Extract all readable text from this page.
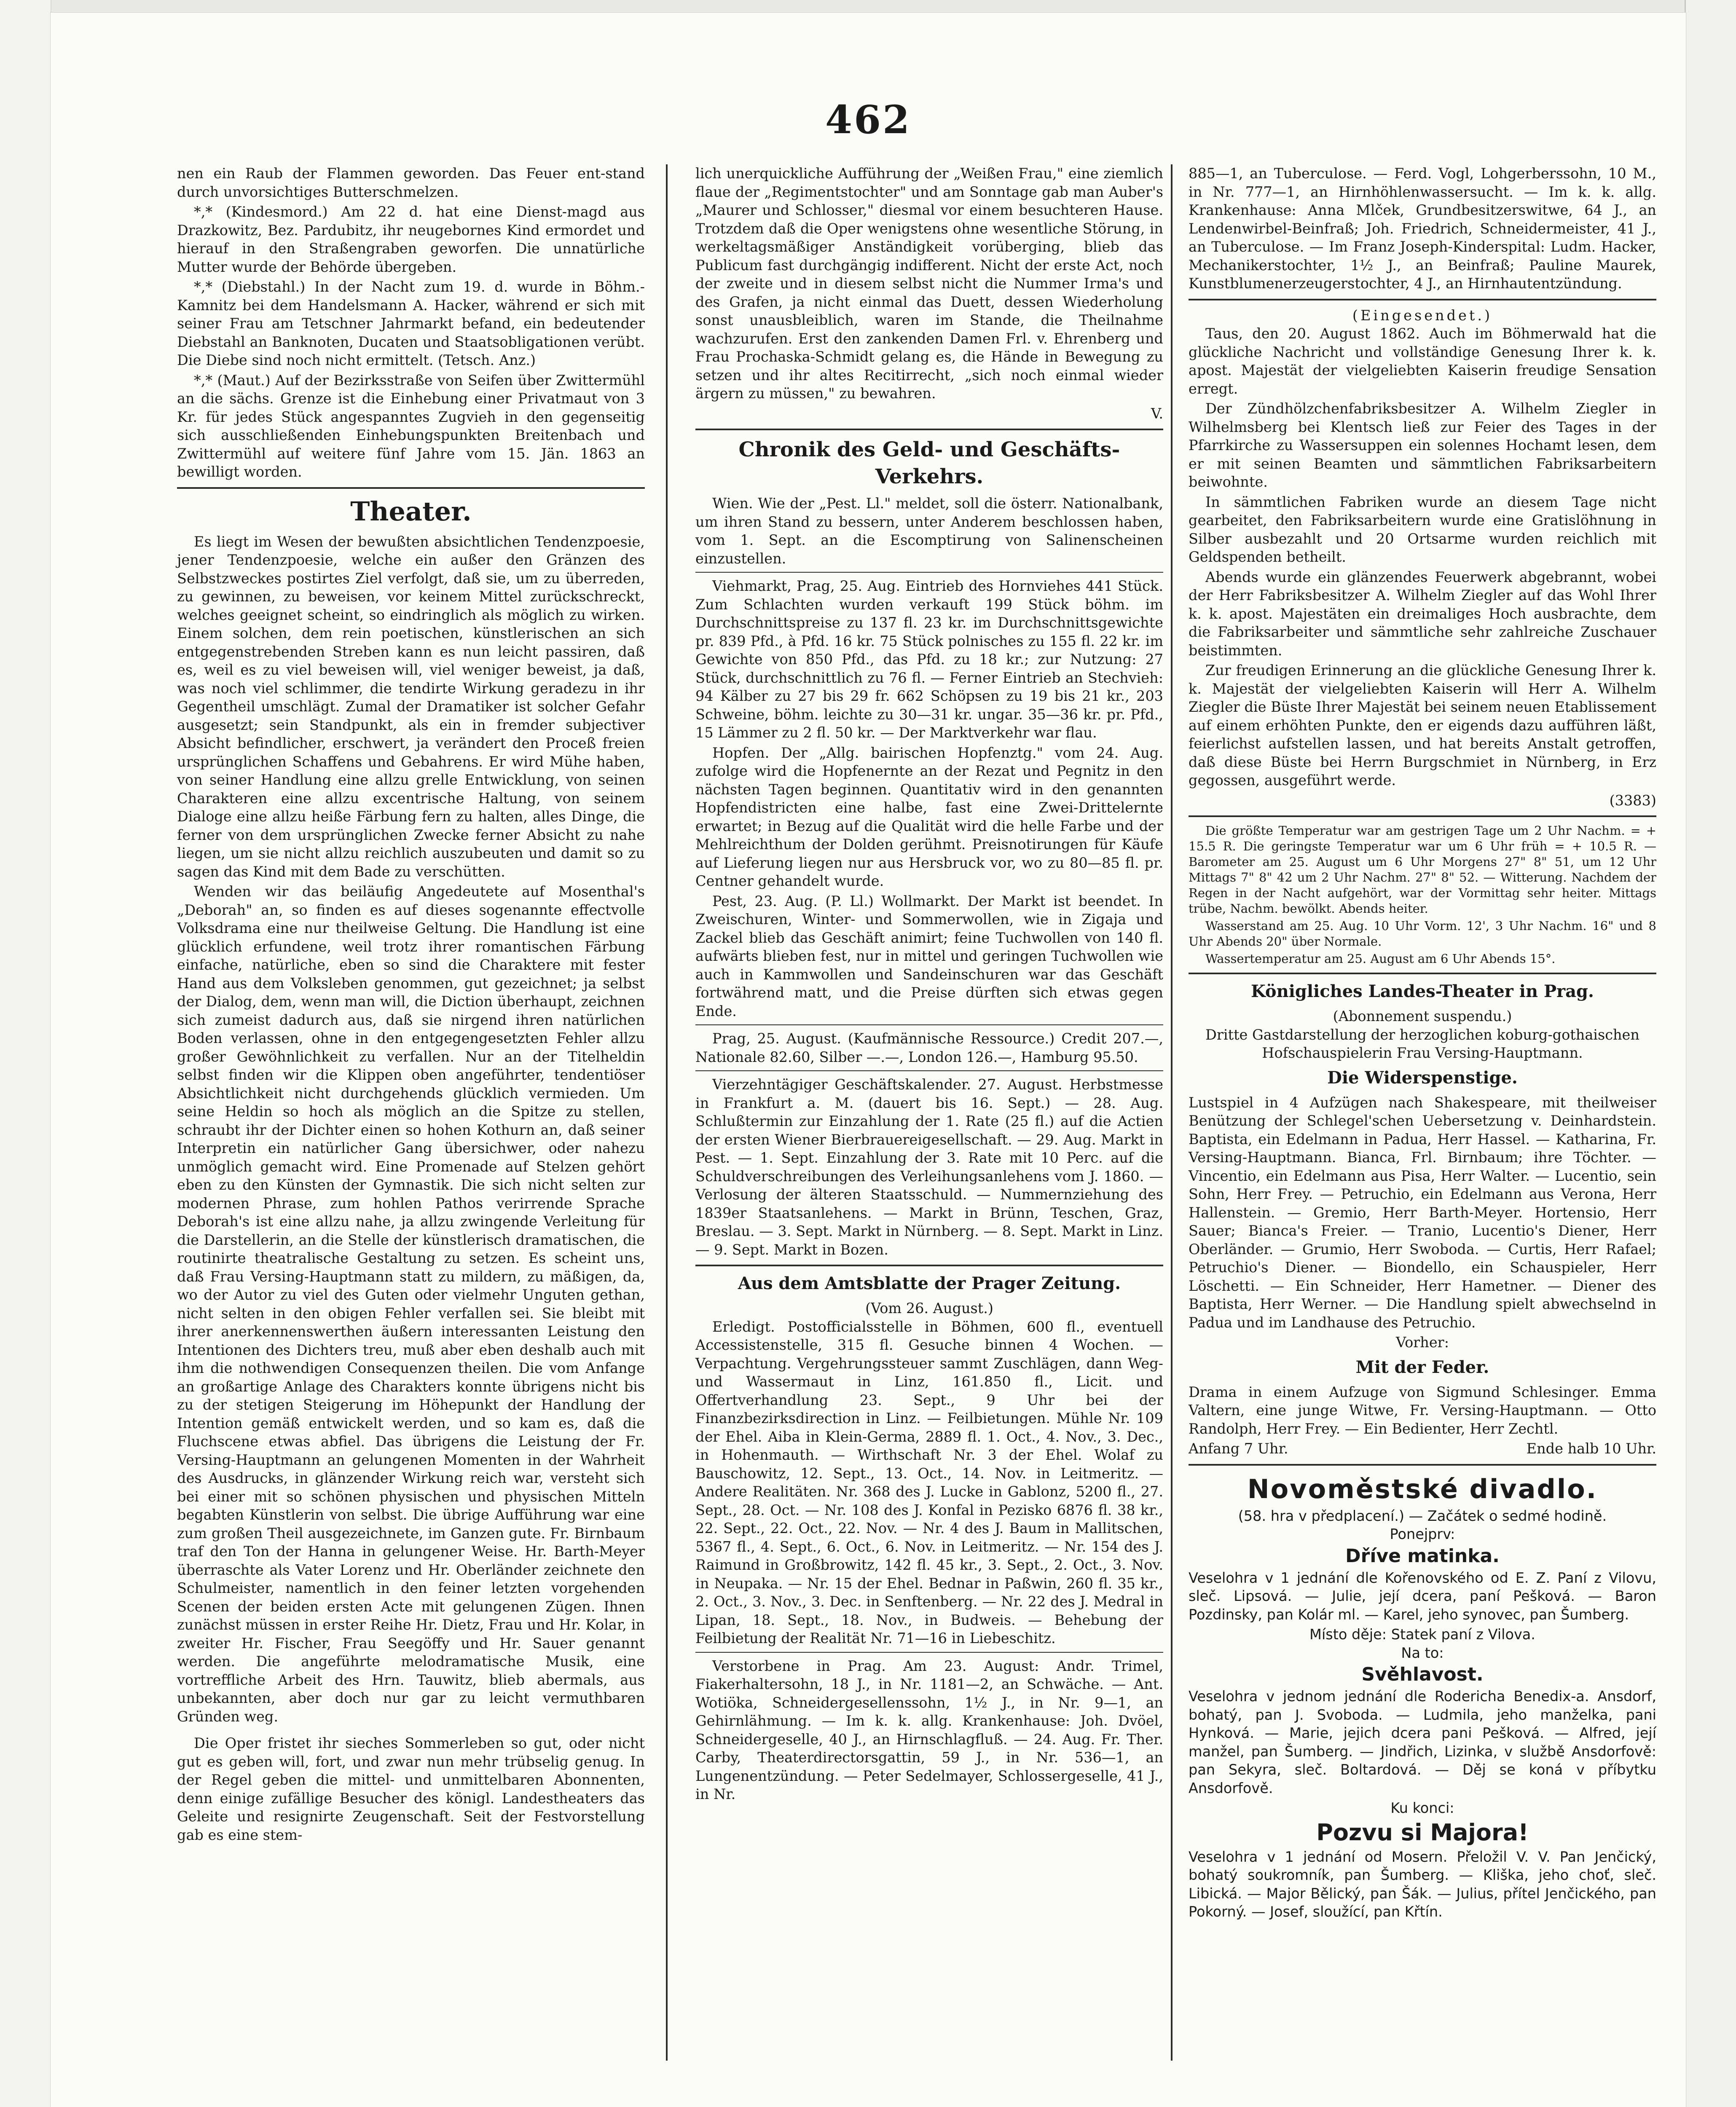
462

nen ein Raub der Flammen geworden. Das Feuer ent-stand durch unvorsichtiges Butterschmelzen.

*,* (Kindesmord.) Am 22 d. hat eine Dienst-magd aus Drazkowitz, Bez. Pardubitz, ihr neugebornes Kind ermordet und hierauf in den Straßengraben geworfen. Die unnatürliche Mutter wurde der Behörde übergeben.

*,* (Diebstahl.) In der Nacht zum 19. d. wurde in Böhm.-Kamnitz bei dem Handelsmann A. Hacker, während er sich mit seiner Frau am Tetschner Jahrmarkt befand, ein bedeutender Diebstahl an Banknoten, Ducaten und Staatsobligationen verübt. Die Diebe sind noch nicht ermittelt. (Tetsch. Anz.)

*,* (Maut.) Auf der Bezirksstraße von Seifen über Zwittermühl an die sächs. Grenze ist die Einhebung einer Privatmaut von 3 Kr. für jedes Stück angespanntes Zugvieh in den gegenseitig sich ausschließenden Einhebungspunkten Breitenbach und Zwittermühl auf weitere fünf Jahre vom 15. Jän. 1863 an bewilligt worden.

Theater.

Es liegt im Wesen der bewußten absichtlichen Tendenzpoesie, jener Tendenzpoesie, welche ein außer den Gränzen des Selbstzweckes postirtes Ziel verfolgt, daß sie, um zu überreden, zu gewinnen, zu beweisen, vor keinem Mittel zurückschreckt, welches geeignet scheint, so eindringlich als möglich zu wirken. Einem solchen, dem rein poetischen, künstlerischen an sich entgegenstrebenden Streben kann es nun leicht passiren, daß es, weil es zu viel beweisen will, viel weniger beweist, ja daß, was noch viel schlimmer, die tendirte Wirkung geradezu in ihr Gegentheil umschlägt. Zumal der Dramatiker ist solcher Gefahr ausgesetzt; sein Standpunkt, als ein in fremder subjectiver Absicht befindlicher, erschwert, ja verändert den Proceß freien ursprünglichen Schaffens und Gebahrens. Er wird Mühe haben, von seiner Handlung eine allzu grelle Entwicklung, von seinen Charakteren eine allzu excentrische Haltung, von seinem Dialoge eine allzu heiße Färbung fern zu halten, alles Dinge, die ferner von dem ursprünglichen Zwecke ferner Absicht zu nahe liegen, um sie nicht allzu reichlich auszubeuten und damit so zu sagen das Kind mit dem Bade zu verschütten.

Wenden wir das beiläufig Angedeutete auf Mosenthal's „Deborah" an, so finden es auf dieses sogenannte effectvolle Volksdrama eine nur theilweise Geltung. Die Handlung ist eine glücklich erfundene, weil trotz ihrer romantischen Färbung einfache, natürliche, eben so sind die Charaktere mit fester Hand aus dem Volksleben genommen, gut gezeichnet; ja selbst der Dialog, dem, wenn man will, die Diction überhaupt, zeichnen sich zumeist dadurch aus, daß sie nirgend ihren natürlichen Boden verlassen, ohne in den entgegengesetzten Fehler allzu großer Gewöhnlichkeit zu verfallen. Nur an der Titelheldin selbst finden wir die Klippen oben angeführter, tendentiöser Absichtlichkeit nicht durchgehends glücklich vermieden. Um seine Heldin so hoch als möglich an die Spitze zu stellen, schraubt ihr der Dichter einen so hohen Kothurn an, daß seiner Interpretin ein natürlicher Gang übersichwer, oder nahezu unmöglich gemacht wird. Eine Promenade auf Stelzen gehört eben zu den Künsten der Gymnastik. Die sich nicht selten zur modernen Phrase, zum hohlen Pathos verirrende Sprache Deborah's ist eine allzu nahe, ja allzu zwingende Verleitung für die Darstellerin, an die Stelle der künstlerisch dramatischen, die routinirte theatralische Gestaltung zu setzen. Es scheint uns, daß Frau Versing-Hauptmann statt zu mildern, zu mäßigen, da, wo der Autor zu viel des Guten oder vielmehr Unguten gethan, nicht selten in den obigen Fehler verfallen sei. Sie bleibt mit ihrer anerkennenswerthen äußern interessanten Leistung den Intentionen des Dichters treu, muß aber eben deshalb auch mit ihm die nothwendigen Consequenzen theilen. Die vom Anfange an großartige Anlage des Charakters konnte übrigens nicht bis zu der stetigen Steigerung im Höhepunkt der Handlung der Intention gemäß entwickelt werden, und so kam es, daß die Fluchscene etwas abfiel. Das übrigens die Leistung der Fr. Versing-Hauptmann an gelungenen Momenten in der Wahrheit des Ausdrucks, in glänzender Wirkung reich war, versteht sich bei einer mit so schönen physischen und physischen Mitteln begabten Künstlerin von selbst. Die übrige Aufführung war eine zum großen Theil ausgezeichnete, im Ganzen gute. Fr. Birnbaum traf den Ton der Hanna in gelungener Weise. Hr. Barth-Meyer überraschte als Vater Lorenz und Hr. Oberländer zeichnete den Schulmeister, namentlich in den feiner letzten vorgehenden Scenen der beiden ersten Acte mit gelungenen Zügen. Ihnen zunächst müssen in erster Reihe Hr. Dietz, Frau und Hr. Kolar, in zweiter Hr. Fischer, Frau Seegöffy und Hr. Sauer genannt werden. Die angeführte melodramatische Musik, eine vortreffliche Arbeit des Hrn. Tauwitz, blieb abermals, aus unbekannten, aber doch nur gar zu leicht vermuthbaren Gründen weg.

Die Oper fristet ihr sieches Sommerleben so gut, oder nicht gut es geben will, fort, und zwar nun mehr trübselig genug. In der Regel geben die mittel- und unmittelbaren Abonnenten, denn einige zufällige Besucher des königl. Landestheaters das Geleite und resignirte Zeugenschaft. Seit der Festvorstellung gab es eine stem-

lich unerquickliche Aufführung der „Weißen Frau," eine ziemlich flaue der „Regimentstochter" und am Sonntage gab man Auber's „Maurer und Schlosser," diesmal vor einem besuchteren Hause. Trotzdem daß die Oper wenigstens ohne wesentliche Störung, in werkeltagsmäßiger Anständigkeit vorüberging, blieb das Publicum fast durchgängig indifferent. Nicht der erste Act, noch der zweite und in diesem selbst nicht die Nummer Irma's und des Grafen, ja nicht einmal das Duett, dessen Wiederholung sonst unausbleiblich, waren im Stande, die Theilnahme wachzurufen. Erst den zankenden Damen Frl. v. Ehrenberg und Frau Prochaska-Schmidt gelang es, die Hände in Bewegung zu setzen und ihr altes Recitirrecht, „sich noch einmal wieder ärgern zu müssen," zu bewahren.

V.
Chronik des Geld- und Geschäfts-Verkehrs.

Wien. Wie der „Pest. Ll." meldet, soll die österr. Nationalbank, um ihren Stand zu bessern, unter Anderem beschlossen haben, vom 1. Sept. an die Escomptirung von Salinenscheinen einzustellen.

Viehmarkt, Prag, 25. Aug. Eintrieb des Hornviehes 441 Stück. Zum Schlachten wurden verkauft 199 Stück böhm. im Durchschnittspreise zu 137 fl. 23 kr. im Durchschnittsgewichte pr. 839 Pfd., à Pfd. 16 kr. 75 Stück polnisches zu 155 fl. 22 kr. im Gewichte von 850 Pfd., das Pfd. zu 18 kr.; zur Nutzung: 27 Stück, durchschnittlich zu 76 fl. — Ferner Eintrieb an Stechvieh: 94 Kälber zu 27 bis 29 fr. 662 Schöpsen zu 19 bis 21 kr., 203 Schweine, böhm. leichte zu 30—31 kr. ungar. 35—36 kr. pr. Pfd., 15 Lämmer zu 2 fl. 50 kr. — Der Marktverkehr war flau.

Hopfen. Der „Allg. bairischen Hopfenztg." vom 24. Aug. zufolge wird die Hopfenernte an der Rezat und Pegnitz in den nächsten Tagen beginnen. Quantitativ wird in den genannten Hopfendistricten eine halbe, fast eine Zwei-Drittelernte erwartet; in Bezug auf die Qualität wird die helle Farbe und der Mehlreichthum der Dolden gerühmt. Preisnotirungen für Käufe auf Lieferung liegen nur aus Hersbruck vor, wo zu 80—85 fl. pr. Centner gehandelt wurde.

Pest, 23. Aug. (P. Ll.) Wollmarkt. Der Markt ist beendet. In Zweischuren, Winter- und Sommerwollen, wie in Zigaja und Zackel blieb das Geschäft animirt; feine Tuchwollen von 140 fl. aufwärts blieben fest, nur in mittel und geringen Tuchwollen wie auch in Kammwollen und Sandeinschuren war das Geschäft fortwährend matt, und die Preise dürften sich etwas gegen Ende.

Prag, 25. August. (Kaufmännische Ressource.) Credit 207.—, Nationale 82.60, Silber —.—, London 126.—, Hamburg 95.50.

Vierzehntägiger Geschäftskalender. 27. August. Herbstmesse in Frankfurt a. M. (dauert bis 16. Sept.) — 28. Aug. Schlußtermin zur Einzahlung der 1. Rate (25 fl.) auf die Actien der ersten Wiener Bierbrauereigesellschaft. — 29. Aug. Markt in Pest. — 1. Sept. Einzahlung der 3. Rate mit 10 Perc. auf die Schuldverschreibungen des Verleihungsanlehens vom J. 1860. — Verlosung der älteren Staatsschuld. — Nummernziehung des 1839er Staatsanlehens. — Markt in Brünn, Teschen, Graz, Breslau. — 3. Sept. Markt in Nürnberg. — 8. Sept. Markt in Linz. — 9. Sept. Markt in Bozen.

Aus dem Amtsblatte der Prager Zeitung.
(Vom 26. August.)

Erledigt. Postofficialsstelle in Böhmen, 600 fl., eventuell Accessistenstelle, 315 fl. Gesuche binnen 4 Wochen. — Verpachtung. Vergehrungssteuer sammt Zuschlägen, dann Weg- und Wassermaut in Linz, 161.850 fl., Licit. und Offertverhandlung 23. Sept., 9 Uhr bei der Finanzbezirksdirection in Linz. — Feilbietungen. Mühle Nr. 109 der Ehel. Aiba in Klein-Germa, 2889 fl. 1. Oct., 4. Nov., 3. Dec., in Hohenmauth. — Wirthschaft Nr. 3 der Ehel. Wolaf zu Bauschowitz, 12. Sept., 13. Oct., 14. Nov. in Leitmeritz. — Andere Realitäten. Nr. 368 des J. Lucke in Gablonz, 5200 fl., 27. Sept., 28. Oct. — Nr. 108 des J. Konfal in Pezisko 6876 fl. 38 kr., 22. Sept., 22. Oct., 22. Nov. — Nr. 4 des J. Baum in Mallitschen, 5367 fl., 4. Sept., 6. Oct., 6. Nov. in Leitmeritz. — Nr. 154 des J. Raimund in Großbrowitz, 142 fl. 45 kr., 3. Sept., 2. Oct., 3. Nov. in Neupaka. — Nr. 15 der Ehel. Bednar in Paßwin, 260 fl. 35 kr., 2. Oct., 3. Nov., 3. Dec. in Senftenberg. — Nr. 22 des J. Medral in Lipan, 18. Sept., 18. Nov., in Budweis. — Behebung der Feilbietung der Realität Nr. 71—16 in Liebeschitz.

Verstorbene in Prag. Am 23. August: Andr. Trimel, Fiakerhaltersohn, 18 J., in Nr. 1181—2, an Schwäche. — Ant. Wotiöka, Schneidergesellenssohn, 1½ J., in Nr. 9—1, an Gehirnlähmung. — Im k. k. allg. Krankenhause: Joh. Dvöel, Schneidergeselle, 40 J., an Hirnschlagfluß. — 24. Aug. Fr. Ther. Carby, Theaterdirectorsgattin, 59 J., in Nr. 536—1, an Lungenentzündung. — Peter Sedelmayer, Schlossergeselle, 41 J., in Nr.

885—1, an Tuberculose. — Ferd. Vogl, Lohgerberssohn, 10 M., in Nr. 777—1, an Hirnhöhlenwassersucht. — Im k. k. allg. Krankenhause: Anna Mlček, Grundbesitzerswitwe, 64 J., an Lendenwirbel-Beinfraß; Joh. Friedrich, Schneidermeister, 41 J., an Tuberculose. — Im Franz Joseph-Kinderspital: Ludm. Hacker, Mechanikerstochter, 1½ J., an Beinfraß; Pauline Maurek, Kunstblumenerzeugerstochter, 4 J., an Hirnhautentzündung.

(Eingesendet.)

Taus, den 20. August 1862. Auch im Böhmerwald hat die glückliche Nachricht und vollständige Genesung Ihrer k. k. apost. Majestät der vielgeliebten Kaiserin freudige Sensation erregt.

Der Zündhölzchenfabriksbesitzer A. Wilhelm Ziegler in Wilhelmsberg bei Klentsch ließ zur Feier des Tages in der Pfarrkirche zu Wassersuppen ein solennes Hochamt lesen, dem er mit seinen Beamten und sämmtlichen Fabriksarbeitern beiwohnte.

In sämmtlichen Fabriken wurde an diesem Tage nicht gearbeitet, den Fabriksarbeitern wurde eine Gratislöhnung in Silber ausbezahlt und 20 Ortsarme wurden reichlich mit Geldspenden betheilt.

Abends wurde ein glänzendes Feuerwerk abgebrannt, wobei der Herr Fabriksbesitzer A. Wilhelm Ziegler auf das Wohl Ihrer k. k. apost. Majestäten ein dreimaliges Hoch ausbrachte, dem die Fabriksarbeiter und sämmtliche sehr zahlreiche Zuschauer beistimmten.

Zur freudigen Erinnerung an die glückliche Genesung Ihrer k. k. Majestät der vielgeliebten Kaiserin will Herr A. Wilhelm Ziegler die Büste Ihrer Majestät bei seinem neuen Etablissement auf einem erhöhten Punkte, den er eigends dazu aufführen läßt, feierlichst aufstellen lassen, und hat bereits Anstalt getroffen, daß diese Büste bei Herrn Burgschmiet in Nürnberg, in Erz gegossen, ausgeführt werde.

(3383)

Die größte Temperatur war am gestrigen Tage um 2 Uhr Nachm. = + 15.5 R. Die geringste Temperatur war um 6 Uhr früh = + 10.5 R. — Barometer am 25. August um 6 Uhr Morgens 27" 8" 51, um 12 Uhr Mittags 7" 8" 42 um 2 Uhr Nachm. 27" 8" 52. — Witterung. Nachdem der Regen in der Nacht aufgehört, war der Vormittag sehr heiter. Mittags trübe, Nachm. bewölkt. Abends heiter.

Wasserstand am 25. Aug. 10 Uhr Vorm. 12', 3 Uhr Nachm. 16" und 8 Uhr Abends 20" über Normale.

Wassertemperatur am 25. August am 6 Uhr Abends 15°.

Königliches Landes-Theater in Prag.
(Abonnement suspendu.)
Dritte Gastdarstellung der herzoglichen koburg-gothaischen Hofschauspielerin Frau Versing-Hauptmann.
Die Widerspenstige.

Lustspiel in 4 Aufzügen nach Shakespeare, mit theilweiser Benützung der Schlegel'schen Uebersetzung v. Deinhardstein. Baptista, ein Edelmann in Padua, Herr Hassel. — Katharina, Fr. Versing-Hauptmann. Bianca, Frl. Birnbaum; ihre Töchter. — Vincentio, ein Edelmann aus Pisa, Herr Walter. — Lucentio, sein Sohn, Herr Frey. — Petruchio, ein Edelmann aus Verona, Herr Hallenstein. — Gremio, Herr Barth-Meyer. Hortensio, Herr Sauer; Bianca's Freier. — Tranio, Lucentio's Diener, Herr Oberländer. — Grumio, Herr Swoboda. — Curtis, Herr Rafael; Petruchio's Diener. — Biondello, ein Schauspieler, Herr Löschetti. — Ein Schneider, Herr Hametner. — Diener des Baptista, Herr Werner. — Die Handlung spielt abwechselnd in Padua und im Landhause des Petruchio.

Vorher:
Mit der Feder.

Drama in einem Aufzuge von Sigmund Schlesinger. Emma Valtern, eine junge Witwe, Fr. Versing-Hauptmann. — Otto Randolph, Herr Frey. — Ein Bedienter, Herr Zechtl.

Anfang 7 Uhr.	Ende halb 10 Uhr.
Novoměstské divadlo.
(58. hra v předplacení.) — Začátek o sedmé hodině.
Ponejprv:
Dříve matinka.

Veselohra v 1 jednání dle Kořenovského od E. Z. Paní z Vilovu, sleč. Lipsová. — Julie, její dcera, paní Pešková. — Baron Pozdinsky, pan Kolár ml. — Karel, jeho synovec, pan Šumberg.

Místo děje: Statek paní z Vilova.
Na to:
Svěhlavost.

Veselohra v jednom jednání dle Rodericha Benedix-a. Ansdorf, bohatý, pan J. Svoboda. — Ludmila, jeho manželka, pani Hynková. — Marie, jejich dcera pani Pešková. — Alfred, její manžel, pan Šumberg. — Jindřich, Lizinka, v službě Ansdorfově: pan Sekyra, sleč. Boltardová. — Děj se koná v příbytku Ansdorfově.

Ku konci:
Pozvu si Majora!

Veselohra v 1 jednání od Mosern. Přeložil V. V. Pan Jenčický, bohatý soukromník, pan Šumberg. — Kliška, jeho choť, sleč. Libická. — Major Bělický, pan Šák. — Julius, přítel Jenčického, pan Pokorný. — Josef, sloužící, pan Křtín.
